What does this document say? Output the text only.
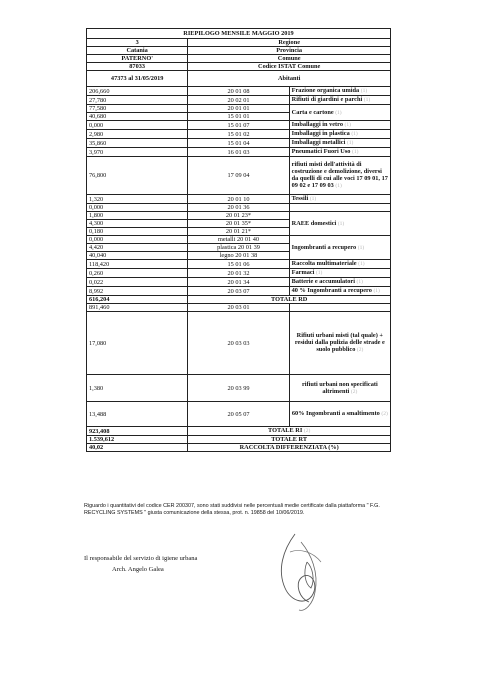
RIEPILOGO MENSILE MAGGIO 2019		
3	Regione	
Catania	Provincia	
PATERNO'	Comune	
87033	Codice ISTAT Comune	
47373 al 31/05/2019	Abitanti	
206,660	20 01 08	Frazione organica umida (1)
27,780	20 02 01	Rifiuti di giardini e parchi (1)
77,580	20 01 01	Carta e cartone (1)
40,680	15 01 01	
0,000	15 01 07	Imballaggi in vetro (1)
2,980	15 01 02	Imballaggi in plastica (1)
35,860	15 01 04	Imballaggi metallici (1)
3,970	16 01 03	Pneumatici Fuori Uso (1)
76,800	17 09 04	rifiuti misti dell'attività di costruzione e demolizione, diversi da quelli di cui alle voci 17 09 01, 17 09 02 e 17 09 03 (1)
1,320	20 01 10	Tessili (1)
0,000	20 01 36	
1,800	20 01 23*	RAEE domestici (1)
4,300	20 01 35*	
0,180	20 01 21*	
0,000	metalli 20 01 40	Ingombranti a recupero (1)
4,420	plastica 20 01 39	
40,040	legno 20 01 38	
118,420	15 01 06	Raccolta multimateriale (1)
0,260	20 01 32	Farmaci (1)
0,022	20 01 34	Batterie e accumulatori (1)
8,992	20 03 07	40 % Ingombranti a recupero (1)
616,204	TOTALE RD	
891,460	20 03 01	
17,080	20 03 03	Rifiuti urbani misti (tal quale) + residui dalla pulizia delle strade e suolo pubblico (2)
1,380	20 03 99	rifiuti urbani non specificati altrimenti (2)
13,488	20 05 07	60% Ingombranti a smaltimento (2)
923,408	TOTALE RI (2)	
1.539,612	TOTALE RT	
40,02	RACCOLTA DIFFERENZIATA (%)	
Riguardo i quantitativi del codice CER 200307, sono stati suddivisi nelle percentuali medie certificate dalla piattaforma " F.G. RECYCLING SYSTEMS " giusta comunicazione della stessa, prot. n. 19858 del 10/06/2019.
Il responsabile del servizio di igiene urbana
Arch. Angelo Galea
